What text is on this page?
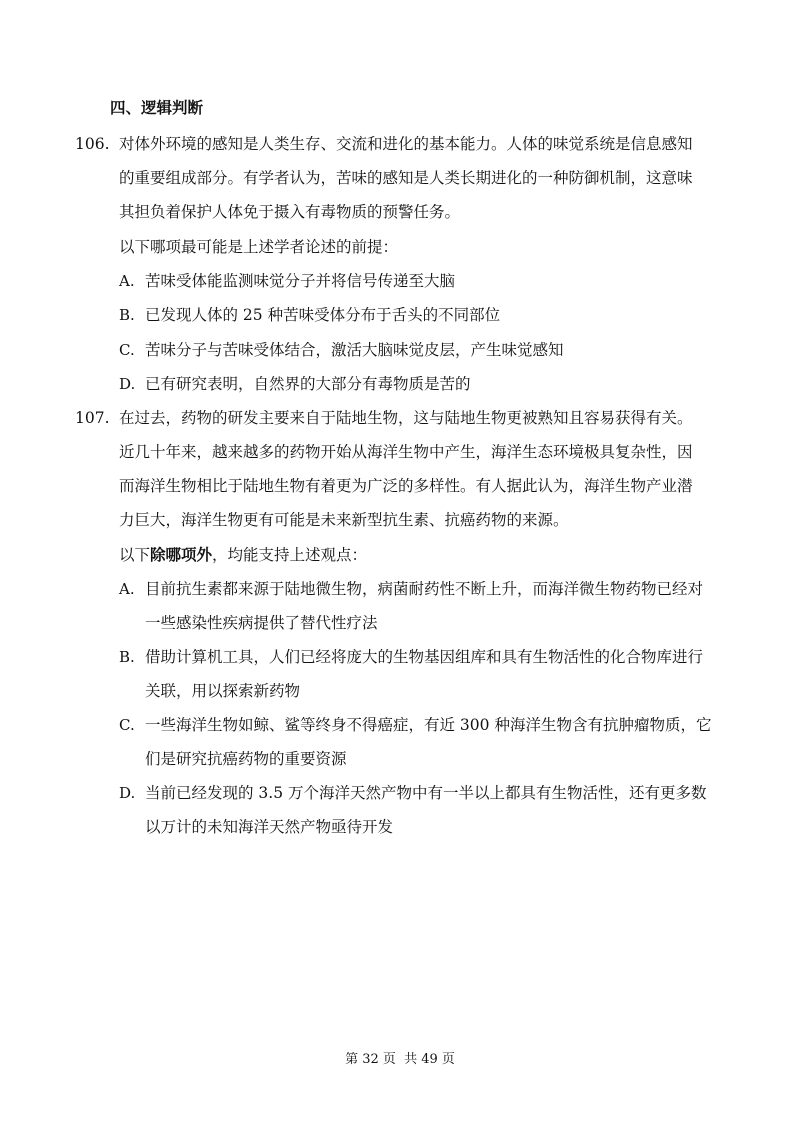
四、逻辑判断
106. 对体外环境的感知是人类生存、交流和进化的基本能力。人体的味觉系统是信息感知
的重要组成部分。有学者认为，苦味的感知是人类长期进化的一种防御机制，这意味
其担负着保护人体免于摄入有毒物质的预警任务。
以下哪项最可能是上述学者论述的前提：
A. 苦味受体能监测味觉分子并将信号传递至大脑
B. 已发现人体的 25 种苦味受体分布于舌头的不同部位
C. 苦味分子与苦味受体结合，激活大脑味觉皮层，产生味觉感知
D. 已有研究表明，自然界的大部分有毒物质是苦的
107. 在过去，药物的研发主要来自于陆地生物，这与陆地生物更被熟知且容易获得有关。
近几十年来，越来越多的药物开始从海洋生物中产生，海洋生态环境极具复杂性，因
而海洋生物相比于陆地生物有着更为广泛的多样性。有人据此认为，海洋生物产业潜
力巨大，海洋生物更有可能是未来新型抗生素、抗癌药物的来源。
以下除哪项外，均能支持上述观点：
A. 目前抗生素都来源于陆地微生物，病菌耐药性不断上升，而海洋微生物药物已经对
一些感染性疾病提供了替代性疗法
B. 借助计算机工具，人们已经将庞大的生物基因组库和具有生物活性的化合物库进行
关联，用以探索新药物
C. 一些海洋生物如鲸、鲨等终身不得癌症，有近 300 种海洋生物含有抗肿瘤物质，它
们是研究抗癌药物的重要资源
D. 当前已经发现的 3.5 万个海洋天然产物中有一半以上都具有生物活性，还有更多数
以万计的未知海洋天然产物亟待开发
第 32 页 共 49 页
